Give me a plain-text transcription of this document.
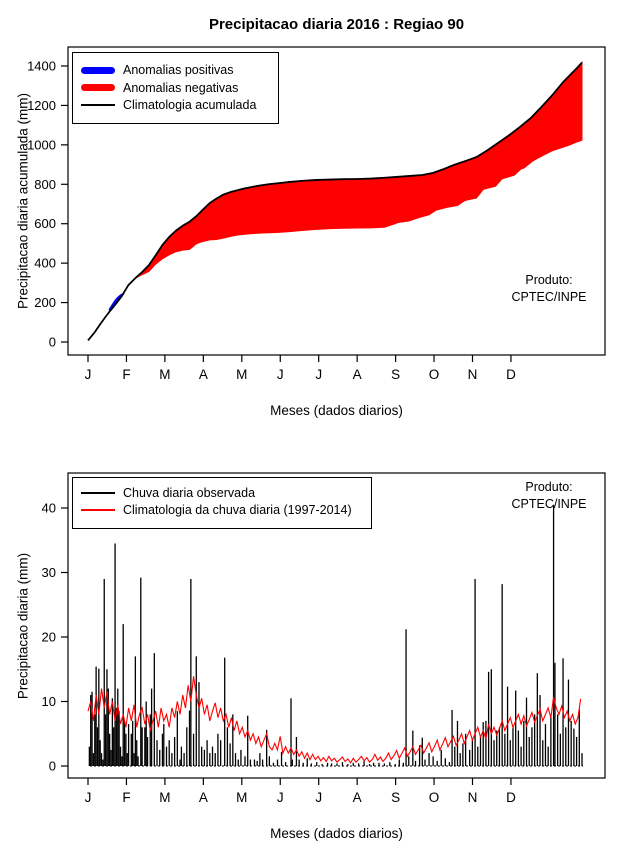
Precipitacao diaria 2016 : Regiao 90
0
200
400
600
800
1000
1200
1400
J F M A M J J A S O N D
Precipitacao diaria acumulada (mm)
Meses (dados diarios)
Anomalias positivas
Anomalias negativas
Climatologia acumulada
Produto:
CPTEC/INPE
0
10
20
30
40
J F M A M J J A S O N D
Precipitacao diaria (mm)
Meses (dados diarios)
Chuva diaria observada
Climatologia da chuva diaria (1997-2014)
Produto:
CPTEC/INPE
